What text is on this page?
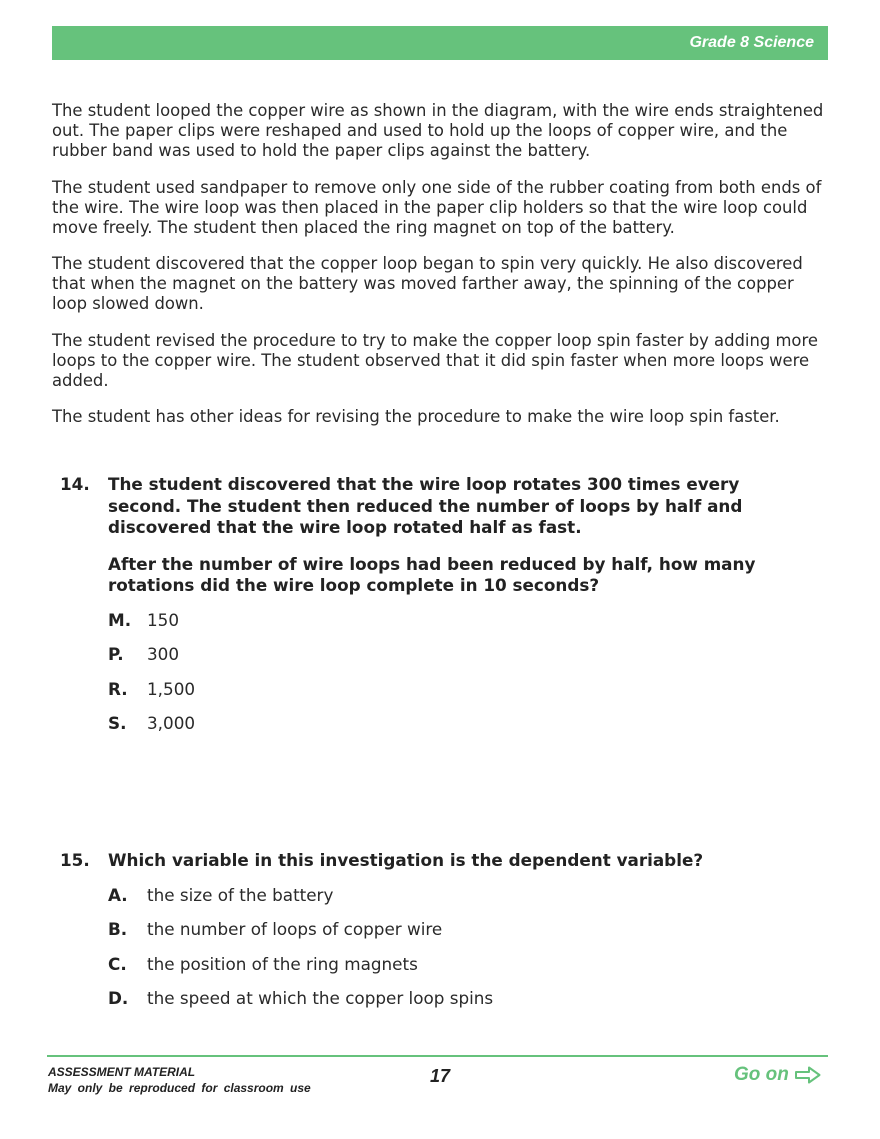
Grade 8 Science

The student looped the copper wire as shown in the diagram, with the wire ends straightened out. The paper clips were reshaped and used to hold up the loops of copper wire, and the rubber band was used to hold the paper clips against the battery.

The student used sandpaper to remove only one side of the rubber coating from both ends of the wire. The wire loop was then placed in the paper clip holders so that the wire loop could move freely. The student then placed the ring magnet on top of the battery.

The student discovered that the copper loop began to spin very quickly. He also discovered that when the magnet on the battery was moved farther away, the spinning of the copper loop slowed down.

The student revised the procedure to try to make the copper loop spin faster by adding more loops to the copper wire. The student observed that it did spin faster when more loops were added.

The student has other ideas for revising the procedure to make the wire loop spin faster.

14. The student discovered that the wire loop rotates 300 times every second. The student then reduced the number of loops by half and discovered that the wire loop rotated half as fast.

After the number of wire loops had been reduced by half, how many rotations did the wire loop complete in 10 seconds?

M. 150
P.	300
R.	1,500
S.	3,000
15. Which variable in this investigation is the dependent variable?

A.	the size of the battery
B.	the number of loops of copper wire
C.	the position of the ring magnets
D.	the speed at which the copper loop spins
ASSESSMENT MATERIAL
May only be reproduced for classroom use
17	Go on
